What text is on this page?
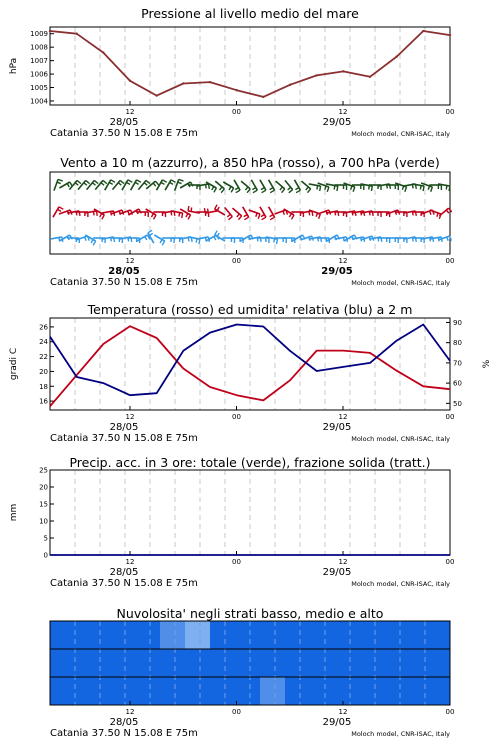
Pressione al livello medio del mare
1004
1005
1006
1007
1008
1009
hPa
12	00	12	00
28/05	29/05
Catania 37.50 N 15.08 E 75m	Moloch model, CNR-ISAC, Italy
Vento a 10 m (azzurro), a 850 hPa (rosso), a 700 hPa (verde)
12	00	12	00
28/05	29/05
Catania 37.50 N 15.08 E 75m	Moloch model, CNR-ISAC, Italy
Temperatura (rosso) ed umidita' relativa (blu) a 2 m
16
18
20
22
24
26
50
60
70
80
90
gradi C	%
12	00	12	00
28/05	29/05
Catania 37.50 N 15.08 E 75m	Moloch model, CNR-ISAC, Italy
Precip. acc. in 3 ore: totale (verde), frazione solida (tratt.)
0
5
10
15
20
25
mm
12	00	12	00
28/05	29/05
Catania 37.50 N 15.08 E 75m	Moloch model, CNR-ISAC, Italy
Nuvolosita' negli strati basso, medio e alto
12	00	12	00
28/05	29/05
Catania 37.50 N 15.08 E 75m	Moloch model, CNR-ISAC, Italy
